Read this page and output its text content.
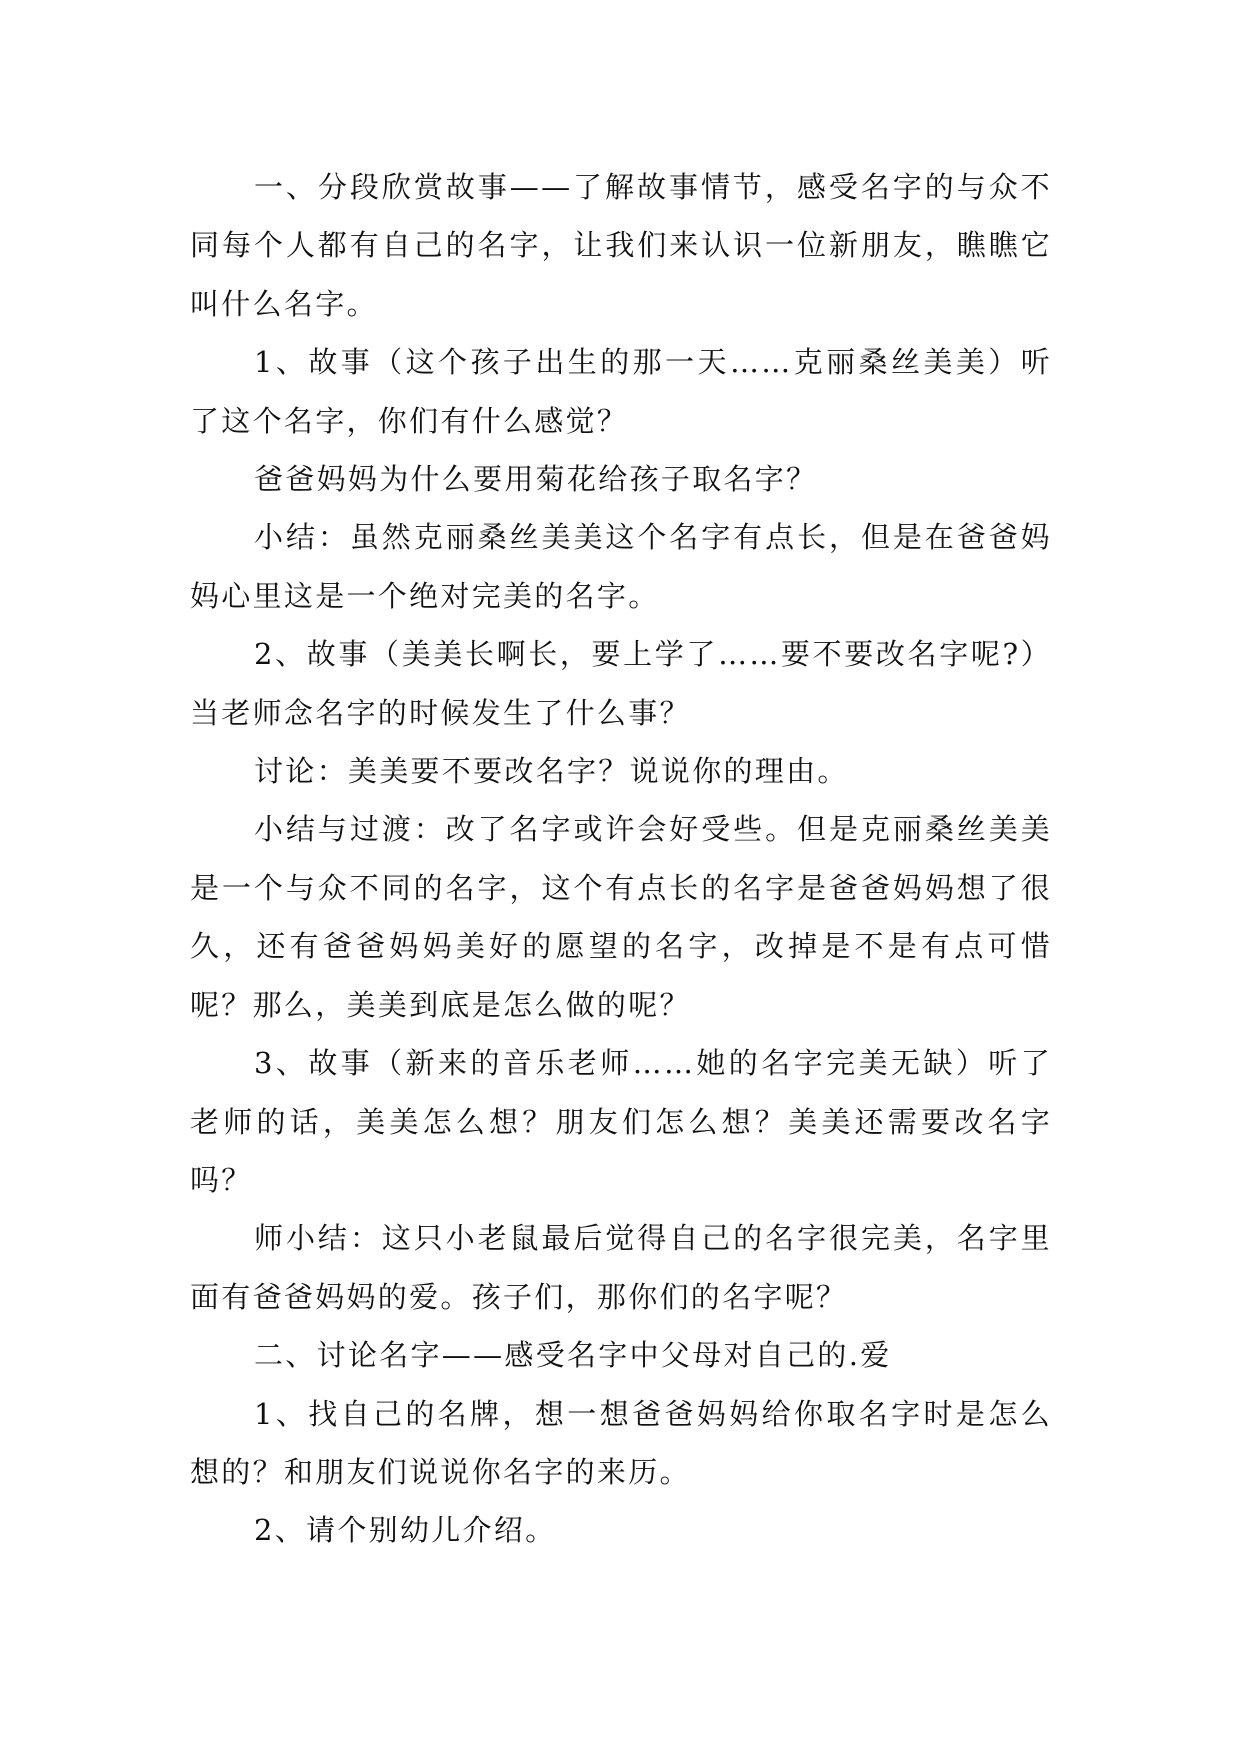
一、分段欣赏故事——了解故事情节，感受名字的与众不同每个人都有自己的名字，让我们来认识一位新朋友，瞧瞧它叫什么名字。

1、故事（这个孩子出生的那一天……克丽桑丝美美）听了这个名字，你们有什么感觉？

爸爸妈妈为什么要用菊花给孩子取名字？

小结：虽然克丽桑丝美美这个名字有点长，但是在爸爸妈妈心里这是一个绝对完美的名字。

2、故事（美美长啊长，要上学了……要不要改名字呢?）当老师念名字的时候发生了什么事？

讨论：美美要不要改名字？说说你的理由。

小结与过渡：改了名字或许会好受些。但是克丽桑丝美美是一个与众不同的名字，这个有点长的名字是爸爸妈妈想了很久，还有爸爸妈妈美好的愿望的名字，改掉是不是有点可惜呢？那么，美美到底是怎么做的呢？

3、故事（新来的音乐老师……她的名字完美无缺）听了老师的话，美美怎么想？朋友们怎么想？美美还需要改名字吗？

师小结：这只小老鼠最后觉得自己的名字很完美，名字里面有爸爸妈妈的爱。孩子们，那你们的名字呢？

二、讨论名字——感受名字中父母对自己的.爱

1、找自己的名牌，想一想爸爸妈妈给你取名字时是怎么想的？和朋友们说说你名字的来历。

2、请个别幼儿介绍。
